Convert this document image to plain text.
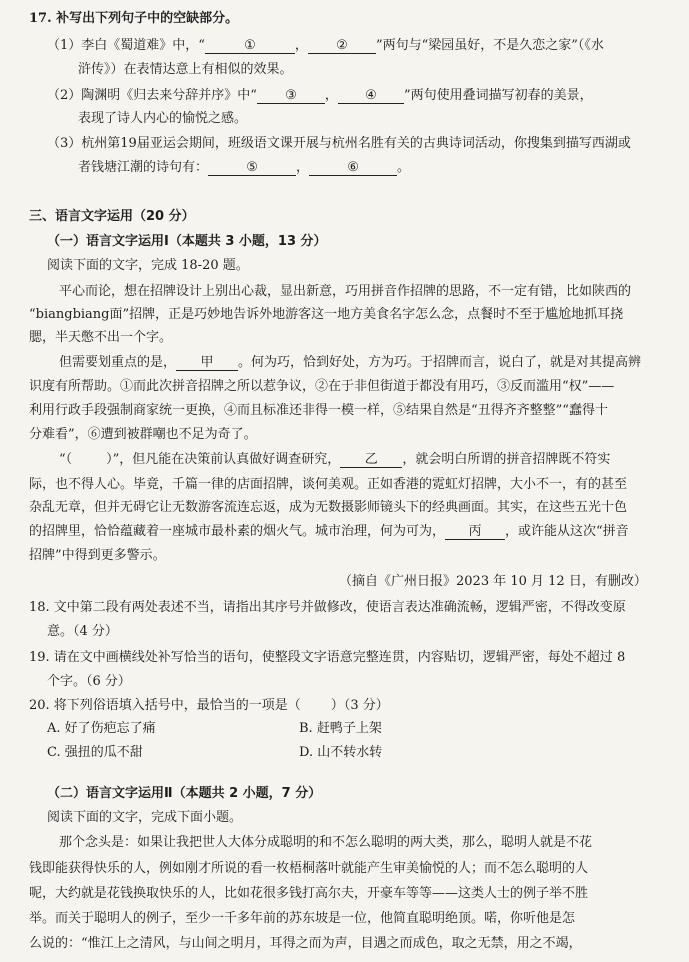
17. 补写出下列句子中的空缺部分。
（1）李白《蜀道难》中，“	①	， ② ”两句与“梁园虽好，不是久恋之家”（《水
浒传》）在表情达意上有相似的效果。
（2）陶渊明《归去来兮辞并序》中“ ③ ， ④ ”两句使用叠词描写初春的美景，
表现了诗人内心的愉悦之感。
（3）杭州第19届亚运会期间，班级语文课开展与杭州名胜有关的古典诗词活动，你搜集到描写西湖或
者钱塘江潮的诗句有：	⑤	，	⑥	。
三、语言文字运用（20 分）
（一）语言文字运用Ⅰ（本题共 3 小题，13 分）
阅读下面的文字，完成 18-20 题。
平心而论，想在招牌设计上别出心裁，显出新意，巧用拼音作招牌的思路，不一定有错，比如陕西的
“biangbiang面”招牌，正是巧妙地告诉外地游客这一地方美食名字怎么念，点餐时不至于尴尬地抓耳挠
腮，半天憋不出一个字。
但需要划重点的是， 甲 。何为巧，恰到好处，方为巧。于招牌而言，说白了，就是对其提高辨
识度有所帮助。①而此次拼音招牌之所以惹争议，②在于非但街道于都没有用巧，③反而滥用“权”——
利用行政手段强制商家统一更换，④而且标准还非得一模一样，⑤结果自然是“丑得齐齐整整”“蠢得十
分难看”，⑥遭到被群嘲也不足为奇了。
“（	）”，但凡能在决策前认真做好调查研究， 乙 ，就会明白所谓的拼音招牌既不符实
际，也不得人心。毕竟，千篇一律的店面招牌，谈何美观。正如香港的霓虹灯招牌，大小不一，有的甚至
杂乱无章，但并无碍它让无数游客流连忘返，成为无数摄影师镜头下的经典画面。其实，在这些五光十色
的招牌里，恰恰蕴藏着一座城市最朴素的烟火气。城市治理，何为可为， 丙 ，或许能从这次“拼音
招牌”中得到更多警示。
（摘自《广州日报》2023 年 10 月 12 日，有删改）
18. 文中第二段有两处表述不当，请指出其序号并做修改，使语言表达准确流畅，逻辑严密，不得改变原
意。（4 分）
19. 请在文中画横线处补写恰当的语句，使整段文字语意完整连贯，内容贴切，逻辑严密，每处不超过 8
个字。（6 分）
20. 将下列俗语填入括号中，最恰当的一项是（ ）（3 分）
A. 好了伤疤忘了痛	B. 赶鸭子上架
C. 强扭的瓜不甜	D. 山不转水转
（二）语言文字运用Ⅱ（本题共 2 小题，7 分）
阅读下面的文字，完成下面小题。
那个念头是：如果让我把世人大体分成聪明的和不怎么聪明的两大类，那么，聪明人就是不花
钱即能获得快乐的人，例如刚才所说的看一枚梧桐落叶就能产生审美愉悦的人；而不怎么聪明的人
呢，大约就是花钱换取快乐的人，比如花很多钱打高尔夫，开豪车等等——这类人士的例子举不胜
举。而关于聪明人的例子，至少一千多年前的苏东坡是一位，他简直聪明绝顶。喏，你听他是怎
么说的：“惟江上之清风，与山间之明月，耳得之而为声，目遇之而成色，取之无禁，用之不竭，
